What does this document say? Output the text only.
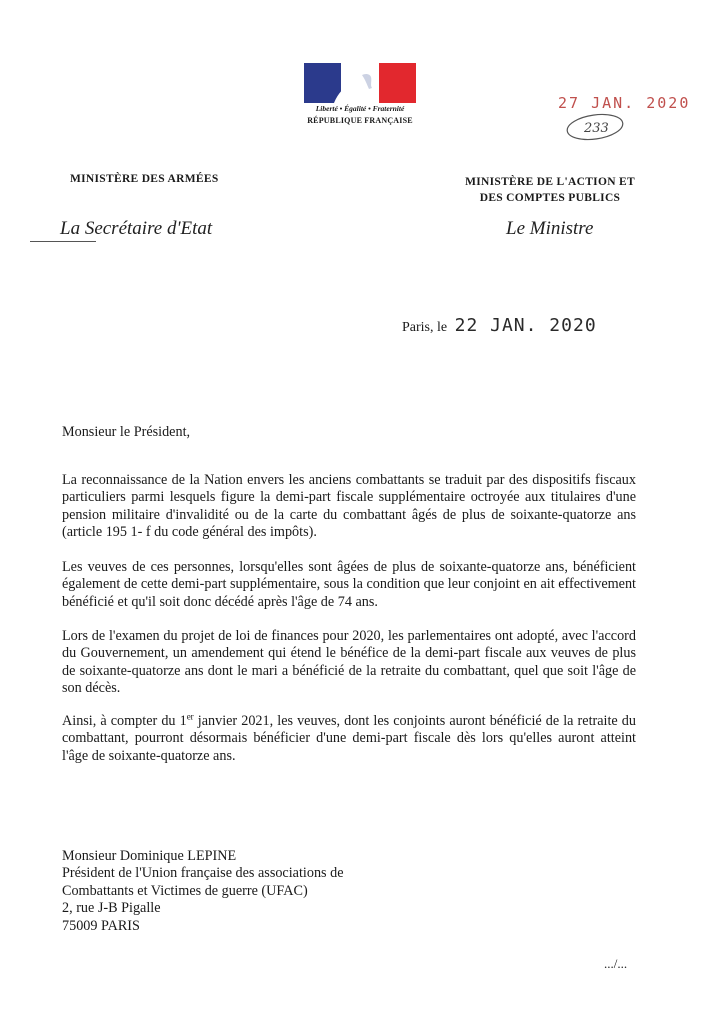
Liberté • Égalité • Fraternité
RÉPUBLIQUE FRANÇAISE
27 JAN. 2020
233
MINISTÈRE DES ARMÉES	MINISTÈRE DE L'ACTION ET
DES COMPTES PUBLICS
La Secrétaire d'Etat	Le Ministre
Paris, le 22 JAN. 2020
Monsieur le Président,
La reconnaissance de la Nation envers les anciens combattants se traduit par des dispositifs fiscaux particuliers parmi lesquels figure la demi-part fiscale supplémentaire octroyée aux titulaires d'une pension militaire d'invalidité ou de la carte du combattant âgés de plus de soixante-quatorze ans (article 195 1- f du code général des impôts).
Les veuves de ces personnes, lorsqu'elles sont âgées de plus de soixante-quatorze ans, bénéficient également de cette demi-part supplémentaire, sous la condition que leur conjoint en ait effectivement bénéficié et qu'il soit donc décédé après l'âge de 74 ans.
Lors de l'examen du projet de loi de finances pour 2020, les parlementaires ont adopté, avec l'accord du Gouvernement, un amendement qui étend le bénéfice de la demi-part fiscale aux veuves de plus de soixante-quatorze ans dont le mari a bénéficié de la retraite du combattant, quel que soit l'âge de son décès.
Ainsi, à compter du 1er janvier 2021, les veuves, dont les conjoints auront bénéficié de la retraite du combattant, pourront désormais bénéficier d'une demi-part fiscale dès lors qu'elles auront atteint l'âge de soixante-quatorze ans.
Monsieur Dominique LEPINE
Président de l'Union française des associations de
Combattants et Victimes de guerre (UFAC)
2, rue J-B Pigalle
75009 PARIS
.../...
